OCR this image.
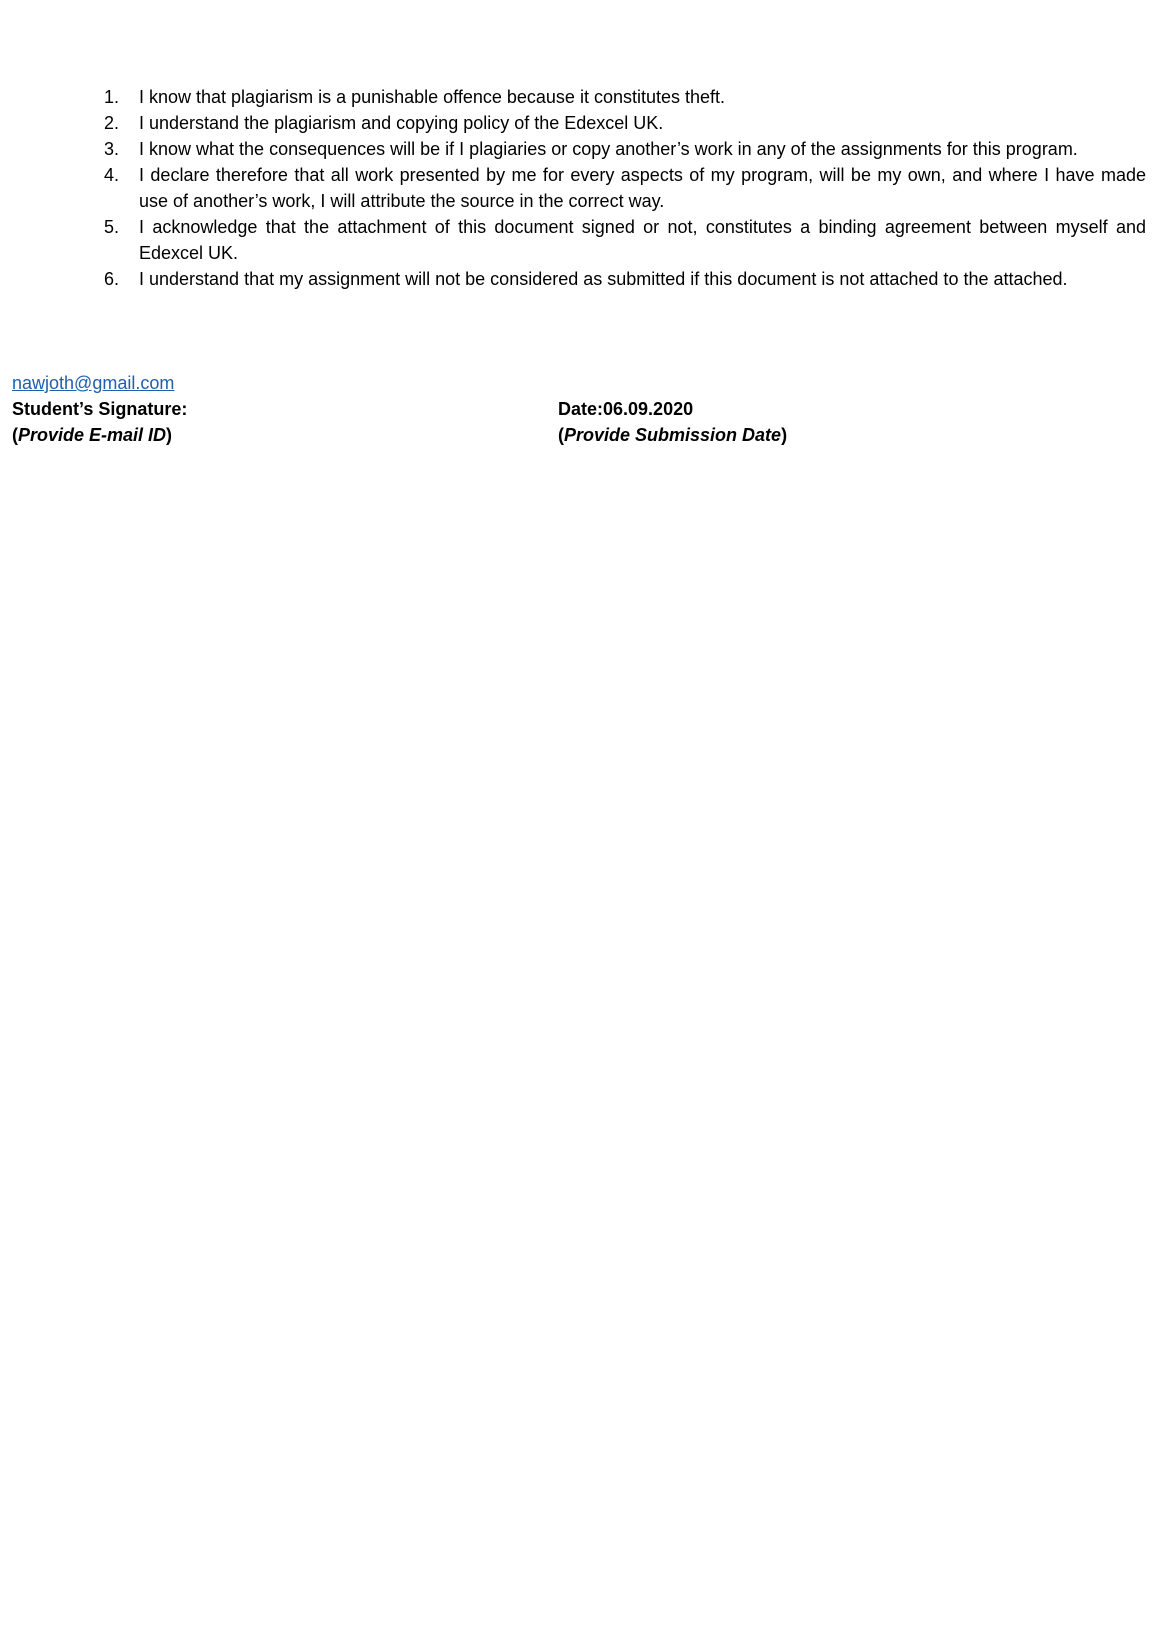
1. I know that plagiarism is a punishable offence because it constitutes theft.
2. I understand the plagiarism and copying policy of the Edexcel UK.
3. I know what the consequences will be if I plagiaries or copy another’s work in any of the assignments for this program.
4. I declare therefore that all work presented by me for every aspects of my program, will be my own, and where I have made use of another’s work, I will attribute the source in the correct way.
5. I acknowledge that the attachment of this document signed or not, constitutes a binding agreement between myself and Edexcel UK.
6. I understand that my assignment will not be considered as submitted if this document is not attached to the attached.
nawjoth@gmail.com
Student’s Signature:	Date:06.09.2020
(Provide E-mail ID)	(Provide Submission Date)
